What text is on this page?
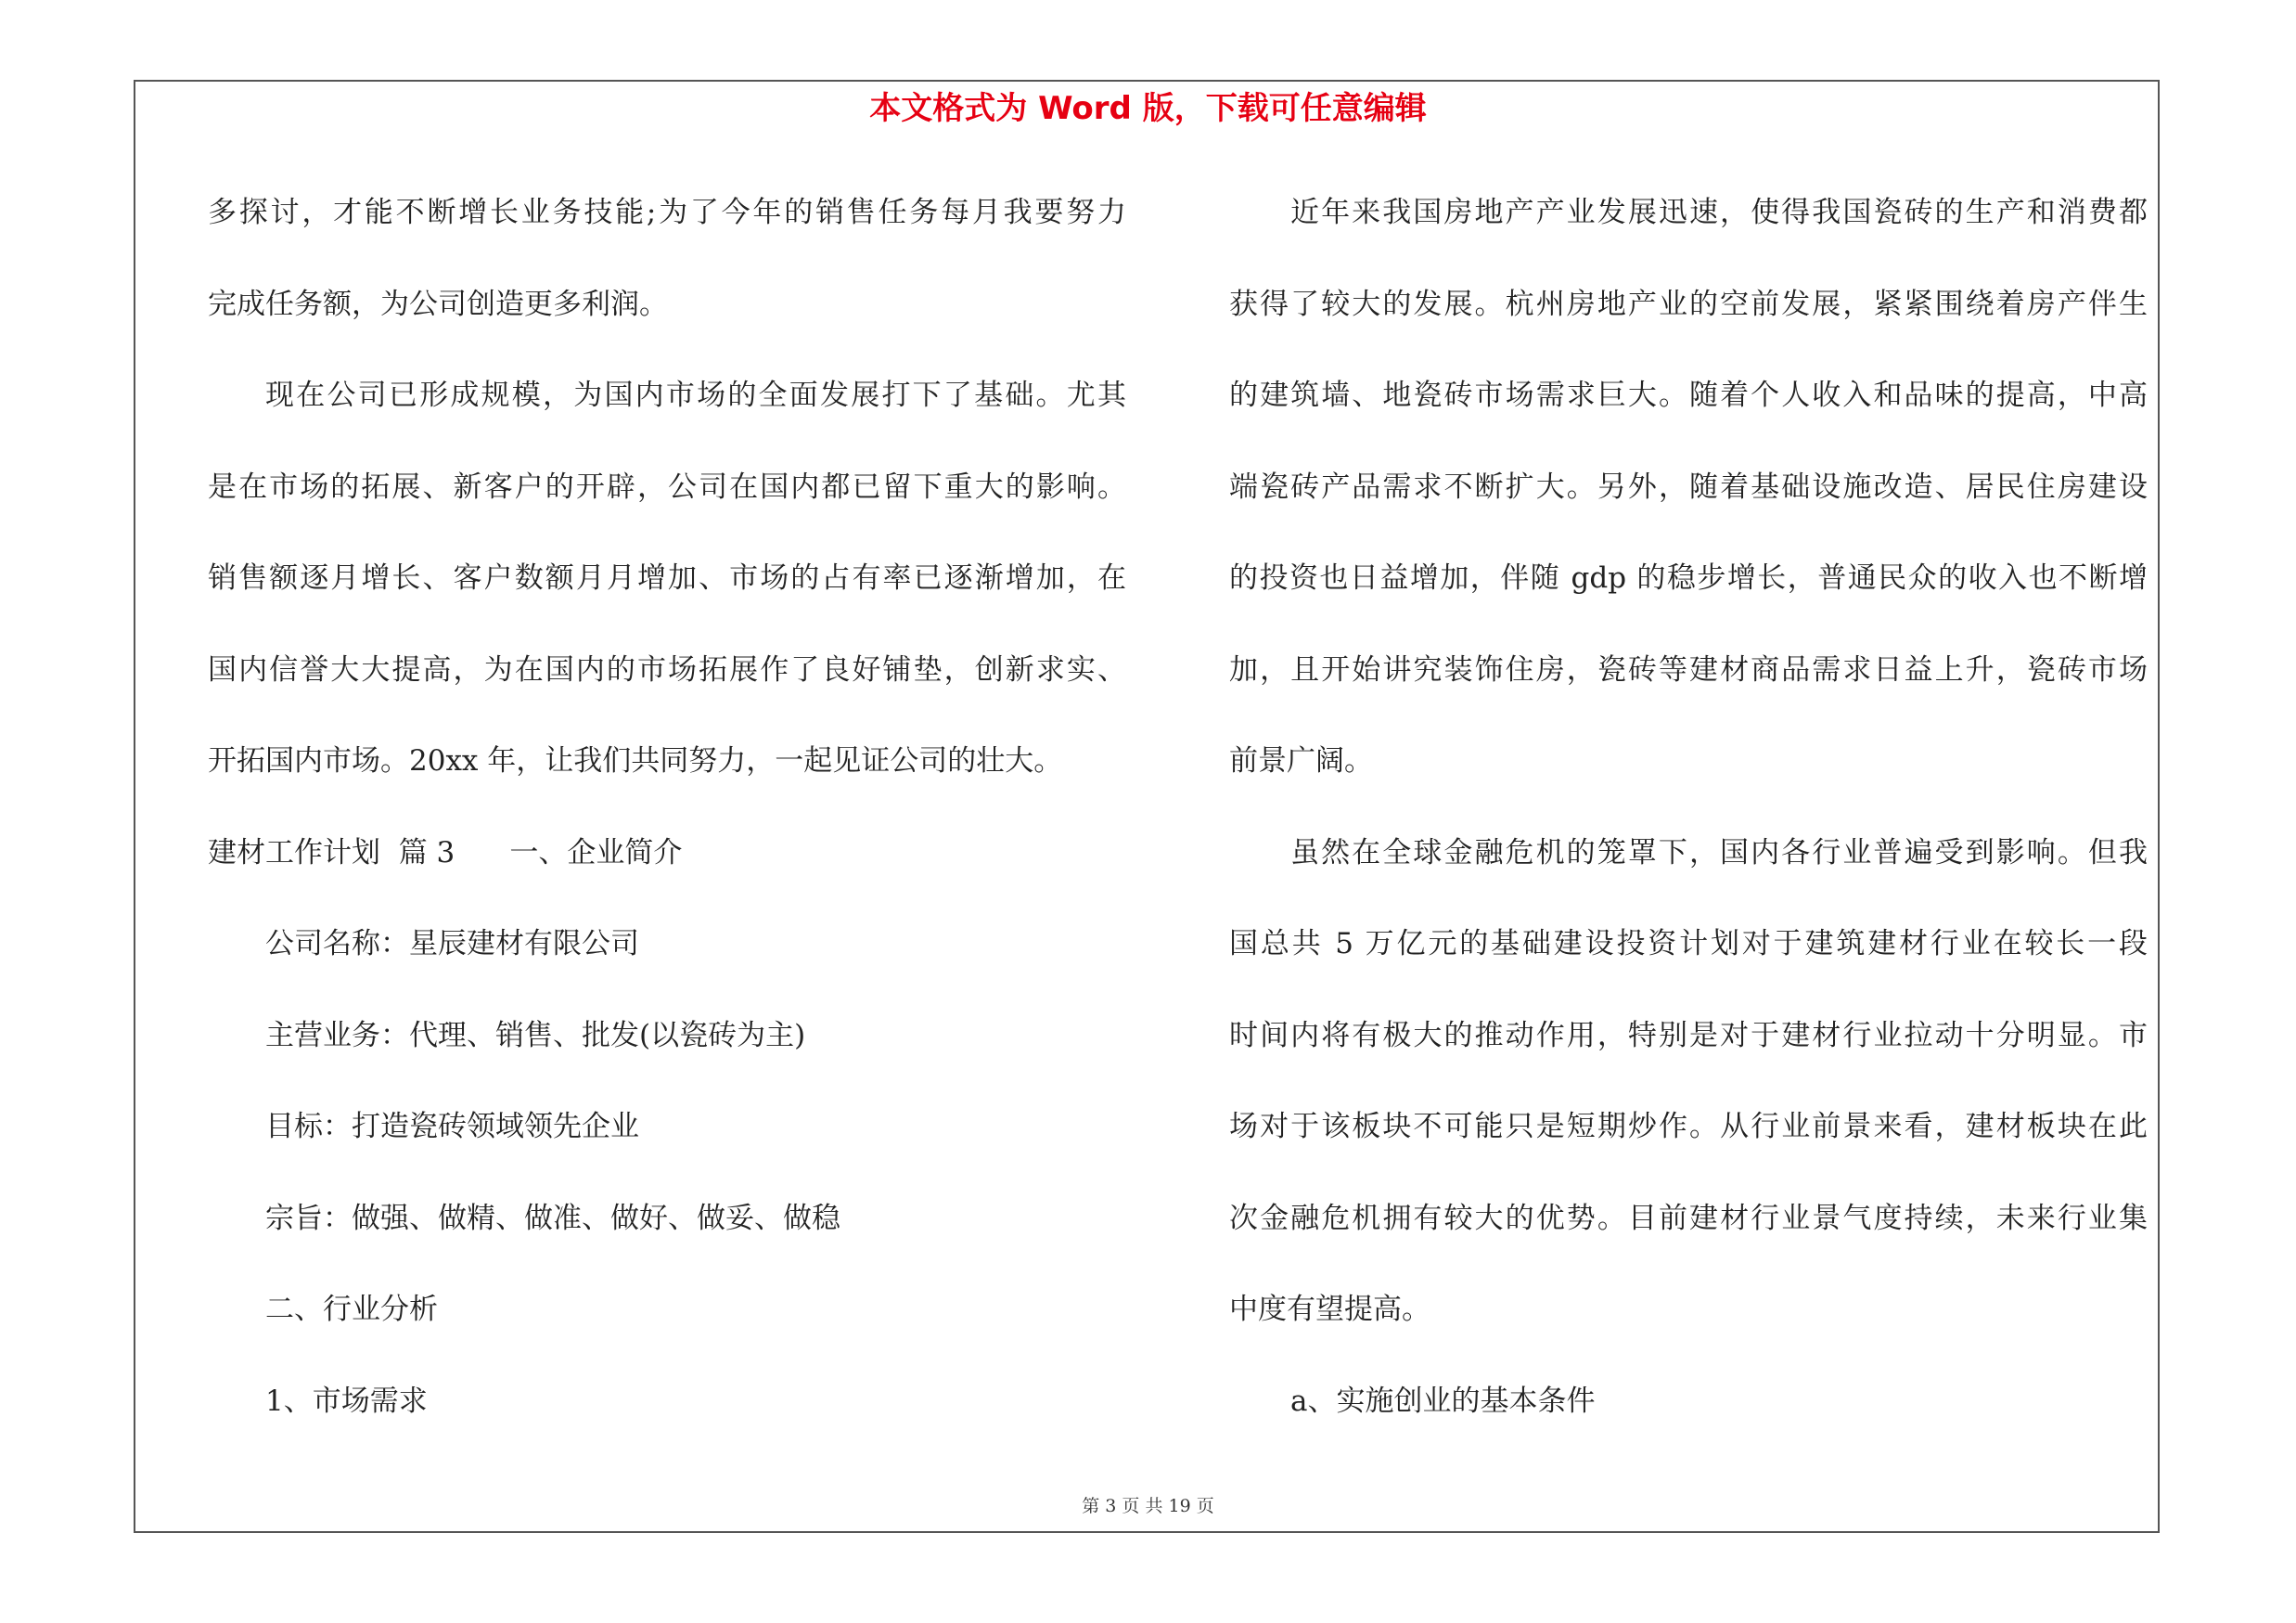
本文格式为 Word 版，下载可任意编辑
多探讨，才能不断增长业务技能;为了今年的销售任务每月我要努力
完成任务额，为公司创造更多利润。
现在公司已形成规模，为国内市场的全面发展打下了基础。尤其
是在市场的拓展、新客户的开辟，公司在国内都已留下重大的影响。
销售额逐月增长、客户数额月月增加、市场的占有率已逐渐增加，在
国内信誉大大提高，为在国内的市场拓展作了良好铺垫，创新求实、
开拓国内市场。20xx 年，让我们共同努力，一起见证公司的壮大。
建材工作计划  篇 3      一、企业简介
公司名称：星辰建材有限公司
主营业务：代理、销售、批发(以瓷砖为主)
目标：打造瓷砖领域领先企业
宗旨：做强、做精、做准、做好、做妥、做稳
二、行业分析
1、市场需求
近年来我国房地产产业发展迅速，使得我国瓷砖的生产和消费都
获得了较大的发展。杭州房地产业的空前发展，紧紧围绕着房产伴生
的建筑墙、地瓷砖市场需求巨大。随着个人收入和品味的提高，中高
端瓷砖产品需求不断扩大。另外，随着基础设施改造、居民住房建设
的投资也日益增加，伴随 gdp 的稳步增长，普通民众的收入也不断增
加，且开始讲究装饰住房，瓷砖等建材商品需求日益上升，瓷砖市场
前景广阔。
虽然在全球金融危机的笼罩下，国内各行业普遍受到影响。但我
国总共 5 万亿元的基础建设投资计划对于建筑建材行业在较长一段
时间内将有极大的推动作用，特别是对于建材行业拉动十分明显。市
场对于该板块不可能只是短期炒作。从行业前景来看，建材板块在此
次金融危机拥有较大的优势。目前建材行业景气度持续，未来行业集
中度有望提高。
a、实施创业的基本条件
第 3 页 共 19 页
